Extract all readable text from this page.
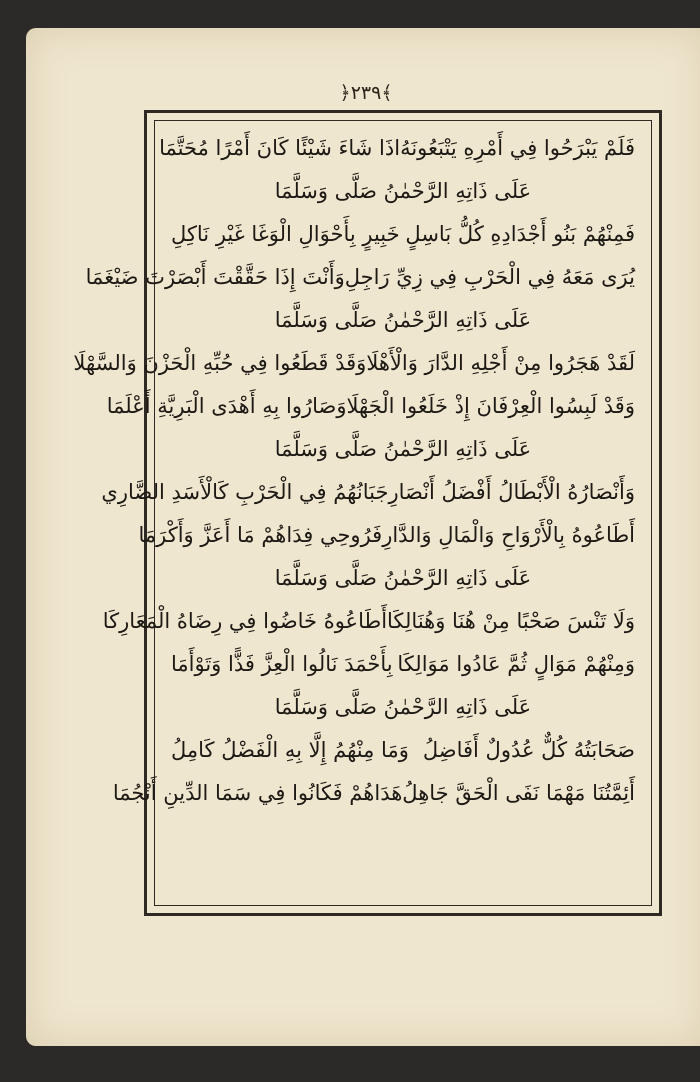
﴿٢٣٩﴾
فَلَمْ يَبْرَحُوا فِي أَمْرِهِ يَتْبَعُونَهُ
اذَا شَاءَ شَيْئًا كَانَ أَمْرًا مُحَتَّمَا
عَلَى ذَاتِهِ الرَّحْمٰنُ صَلَّى وَسَلَّمَا
فَمِنْهُمْ بَنُو أَجْدَادِهِ كُلُّ بَاسِلٍ
خَبِيرٍ بِأَحْوَالِ الْوَغَا غَيْرِ نَاكِلِ
يُرَى مَعَهُ فِي الْحَرْبِ فِي زِيِّ رَاجِلِ
وَأَنْتَ إِذَا حَقَّقْتَ أَبْصَرْتَ ضَيْغَمَا
عَلَى ذَاتِهِ الرَّحْمٰنُ صَلَّى وَسَلَّمَا
لَقَدْ هَجَرُوا مِنْ أَجْلِهِ الدَّارَ وَالْأَهْلَا
وَقَدْ قَطَعُوا فِي حُبِّهِ الْحَزْنَ وَالسَّهْلَا
وَقَدْ لَبِسُوا الْعِرْفَانَ إِذْ خَلَعُوا الْجَهْلَا
وَصَارُوا بِهِ أَهْدَى الْبَرِيَّةِ أَعْلَمَا
عَلَى ذَاتِهِ الرَّحْمٰنُ صَلَّى وَسَلَّمَا
وَأَنْصَارُهُ الْأَبْطَالُ أَفْضَلُ أَنْصَارِ
جَبَانُهُمُ فِي الْحَرْبِ كَالْأَسَدِ الضَّارِي
أَطَاعُوهُ بِالْأَرْوَاحِ وَالْمَالِ وَالدَّارِ
فَرُوحِي فِدَاهُمْ مَا أَعَزَّ وَأَكْرَمَا
عَلَى ذَاتِهِ الرَّحْمٰنُ صَلَّى وَسَلَّمَا
وَلَا تَنْسَ صَحْبًا مِنْ هُنَا وَهُنَالِكَا
أَطَاعُوهُ خَاضُوا فِي رِضَاهُ الْمَعَارِكَا
وَمِنْهُمْ مَوَالٍ ثُمَّ عَادُوا مَوَالِكَا
بِأَحْمَدَ نَالُوا الْعِزَّ فَذًّا وَتَوْأَمَا
عَلَى ذَاتِهِ الرَّحْمٰنُ صَلَّى وَسَلَّمَا
صَحَابَتُهُ كُلٌّ عُدُولٌ أَفَاضِلُ
وَمَا مِنْهُمُ إِلَّا بِهِ الْفَضْلُ كَامِلُ
أَئِمَّتُنَا مَهْمَا نَفَى الْحَقَّ جَاهِلُ
هَدَاهُمْ فَكَانُوا فِي سَمَا الدِّينِ أَنْجُمَا
